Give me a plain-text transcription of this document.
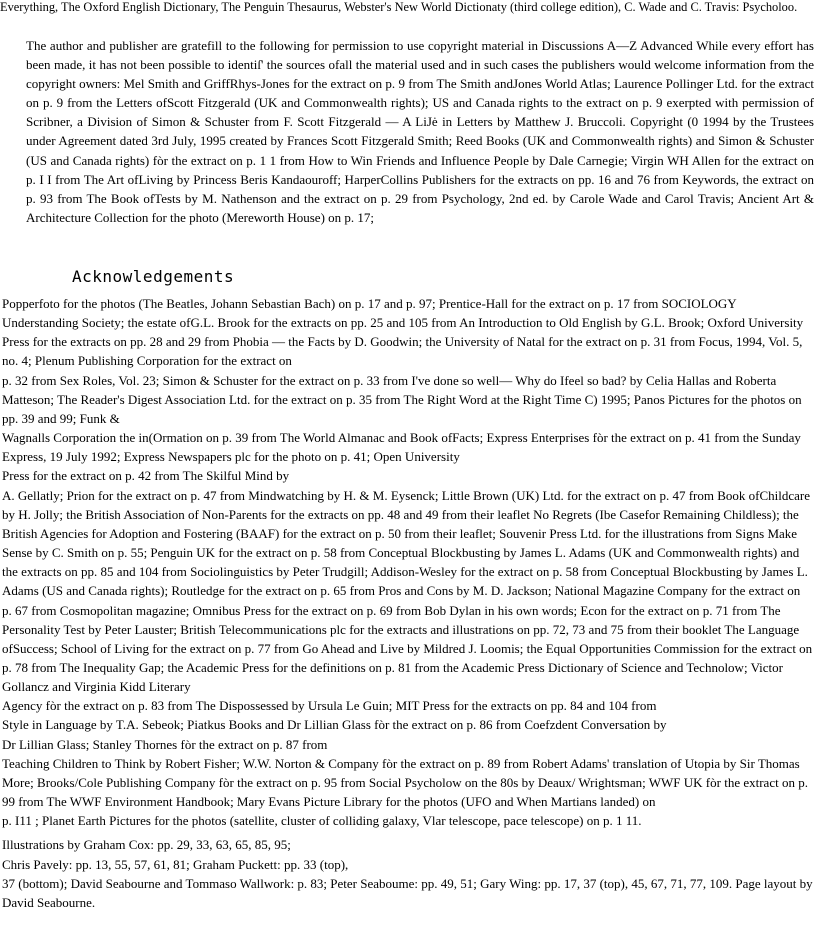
Everything, The Oxford English Dictionary, The Penguin Thesaurus, Webster's New World Dictionaty (third college edition), C. Wade and C. Travis: Psycholoo.
The author and publisher are gratefill to the following for permission to use copyright material in Discussions A—Z Advanced While every effort has been made, it has not been possible to identiſ' the sources ofall the material used and in such cases the publishers would welcome information from the copyright owners: Mel Smith and GriffRhys-Jones for the extract on p. 9 from The Smith andJones World Atlas; Laurence Pollinger Ltd. for the extract on p. 9 from the Letters ofScott Fitzgerald (UK and Commonwealth rights); US and Canada rights to the extract on p. 9 exerpted with permission of Scribner, a Division of Simon & Schuster from F. Scott Fitzgerald — A LiJė in Letters by Matthew J. Bruccoli. Copyright (0 1994 by the Trustees under Agreement dated 3rd July, 1995 created by Frances Scott Fitzgerald Smith; Reed Books (UK and Commonwealth rights) and Simon & Schuster (US and Canada rights) fòr the extract on p. 1 1 from How to Win Friends and Influence People by Dale Carnegie; Virgin WH Allen for the extract on p. I I from The Art ofLiving by Princess Beris Kandaouroff; HarperCollins Publishers for the extracts on pp. 16 and 76 from Keywords, the extract on p. 93 from The Book ofTests by M. Nathenson and the extract on p. 29 from Psychology, 2nd ed. by Carole Wade and Carol Travis; Ancient Art & Architecture Collection for the photo (Mereworth House) on p. 17;
Acknowledgements

Popperfoto for the photos (The Beatles, Johann Sebastian Bach) on p. 17 and p. 97; Prentice-Hall for the extract on p. 17 from SOCIOLOGY Understanding Society; the estate ofG.L. Brook for the extracts on pp. 25 and 105 from An Introduction to Old English by G.L. Brook; Oxford University Press for the extracts on pp. 28 and 29 from Phobia — the Facts by D. Goodwin; the University of Natal for the extract on p. 31 from Focus, 1994, Vol. 5, no. 4; Plenum Publishing Corporation for the extract on

p. 32 from Sex Roles, Vol. 23; Simon & Schuster for the extract on p. 33 from I've done so well— Why do Ifeel so bad? by Celia Hallas and Roberta Matteson; The Reader's Digest Association Ltd. for the extract on p. 35 from The Right Word at the Right Time C) 1995; Panos Pictures for the photos on pp. 39 and 99; Funk &

Wagnalls Corporation the in(Ormation on p. 39 from The World Almanac and Book ofFacts; Express Enterprises fòr the extract on p. 41 from the Sunday Express, 19 July 1992; Express Newspapers plc for the photo on p. 41; Open University

Press for the extract on p. 42 from The Skilful Mind by

A. Gellatly; Prion for the extract on p. 47 from Mindwatching by H. & M. Eysenck; Little Brown (UK) Ltd. for the extract on p. 47 from Book ofChildcare by H. Jolly; the British Association of Non-Parents for the extracts on pp. 48 and 49 from their leaflet No Regrets (Ibe Casefor Remaining Childless); the British Agencies for Adoption and Fostering (BAAF) for the extract on p. 50 from their leaflet; Souvenir Press Ltd. for the illustrations from Signs Make Sense by C. Smith on p. 55; Penguin UK for the extract on p. 58 from Conceptual Blockbusting by James L. Adams (UK and Commonwealth rights) and the extracts on pp. 85 and 104 from Sociolinguistics by Peter Trudgill; Addison-Wesley for the extract on p. 58 from Conceptual Blockbusting by James L. Adams (US and Canada rights); Routledge for the extract on p. 65 from Pros and Cons by M. D. Jackson; National Magazine Company for the extract on p. 67 from Cosmopolitan magazine; Omnibus Press for the extract on p. 69 from Bob Dylan in his own words; Econ for the extract on p. 71 from The Personality Test by Peter Lauster; British Telecommunications plc for the extracts and illustrations on pp. 72, 73 and 75 from their booklet The Language ofSuccess; School of Living for the extract on p. 77 from Go Ahead and Live by Mildred J. Loomis; the Equal Opportunities Commission for the extract on p. 78 from The Inequality Gap; the Academic Press for the definitions on p. 81 from the Academic Press Dictionary of Science and Technolow; Victor Gollancz and Virginia Kidd Literary

Agency fòr the extract on p. 83 from The Dispossessed by Ursula Le Guin; MIT Press for the extracts on pp. 84 and 104 from

Style in Language by T.A. Sebeok; Piatkus Books and Dr Lillian Glass fòr the extract on p. 86 from Coefzdent Conversation by

Dr Lillian Glass; Stanley Thornes fòr the extract on p. 87 from

Teaching Children to Think by Robert Fisher; W.W. Norton & Company fòr the extract on p. 89 from Robert Adams' translation of Utopia by Sir Thomas More; Brooks/Cole Publishing Company fòr the extract on p. 95 from Social Psycholow on the 80s by Deaux/ Wrightsman; WWF UK fòr the extract on p. 99 from The WWF Environment Handbook; Mary Evans Picture Library for the photos (UFO and When Martians landed) on

p. I11 ; Planet Earth Pictures for the photos (satellite, cluster of colliding galaxy, Vlar telescope, pace telescope) on p. 1 11.

Illustrations by Graham Cox: pp. 29, 33, 63, 65, 85, 95;

Chris Pavely: pp. 13, 55, 57, 61, 81; Graham Puckett: pp. 33 (top),

37 (bottom); David Seabourne and Tommaso Wallwork: p. 83; Peter Seaboume: pp. 49, 51; Gary Wing: pp. 17, 37 (top), 45, 67, 71, 77, 109. Page layout by David Seabourne.
